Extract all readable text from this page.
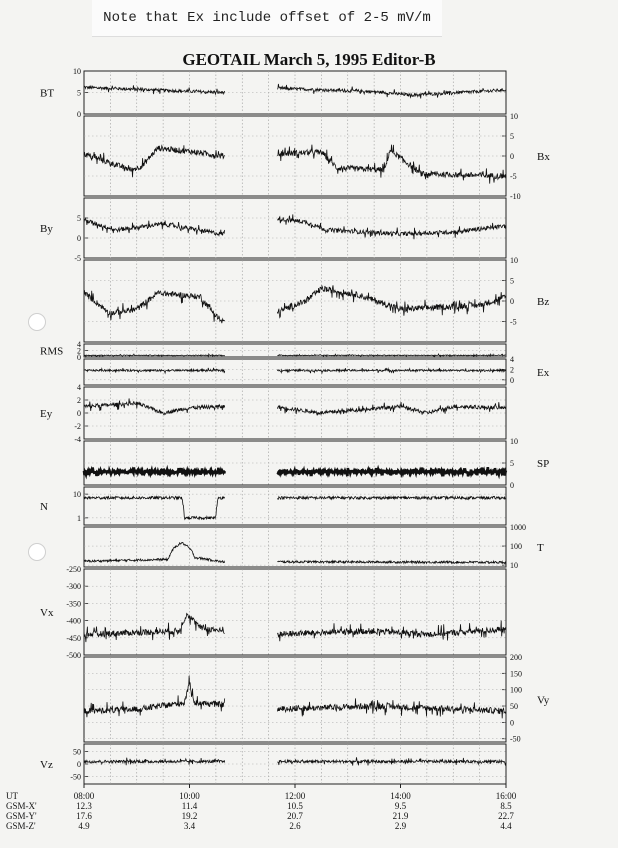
Note that Ex include offset of 2-5 mV/m
GEOTAIL March 5, 1995 Editor-B
10
5
0
BT
10
5
0
-5
-10
Bx
5
0
-5
By
10
5
0
-5
Bz
4
2
0
RMS
4
2
0
Ex
4
2
0
-2
-4
Ey
10
5
0
SP
10
1
N
1000
100
10
T
-250
-300
-350
-400
-450
-500
Vx
200
150
100
50
0
-50
Vy
50
0
-50
Vz
UT	08:00	10:00	12:00	14:00	16:00
GSM-X'	12.3	11.4	10.5	9.5	8.5
GSM-Y'	17.6	19.2	20.7	21.9	22.7
GSM-Z'	4.9	3.4	2.6	2.9	4.4
